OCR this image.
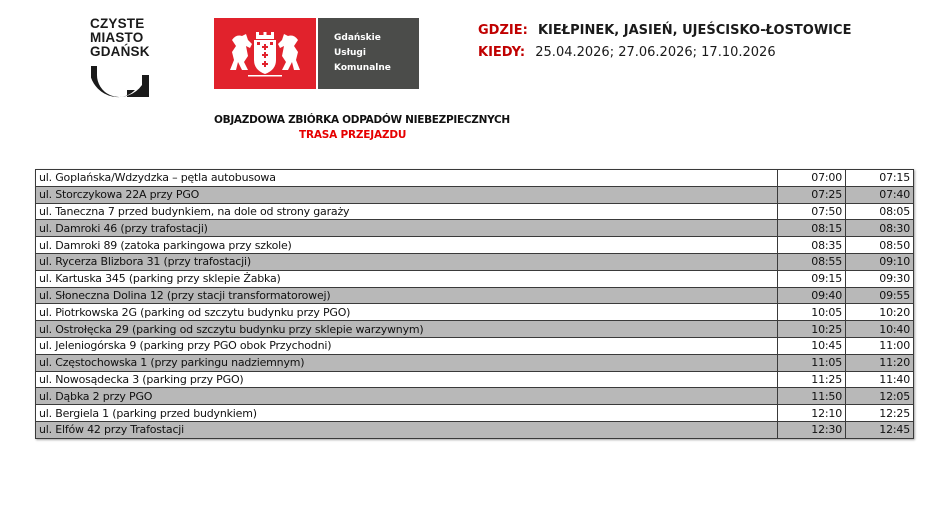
CZYSTE
MIASTO
GDAŃSK
Gdańskie
Usługi
Komunalne
GDZIE: KIEŁPINEK, JASIEŃ, UJEŚCISKO-ŁOSTOWICE
KIEDY: 25.04.2026; 27.06.2026; 17.10.2026
OBJAZDOWA ZBIÓRKA ODPADÓW NIEBEZPIECZNYCH
TRASA PRZEJAZDU
ul. Goplańska/Wdzydzka – pętla autobusowa	07:00	07:15
ul. Storczykowa 22A przy PGO	07:25	07:40
ul. Taneczna 7 przed budynkiem, na dole od strony garaży	07:50	08:05
ul. Damroki 46 (przy trafostacji)	08:15	08:30
ul. Damroki 89 (zatoka parkingowa przy szkole)	08:35	08:50
ul. Rycerza Blizbora 31 (przy trafostacji)	08:55	09:10
ul. Kartuska 345 (parking przy sklepie Żabka)	09:15	09:30
ul. Słoneczna Dolina 12 (przy stacji transformatorowej)	09:40	09:55
ul. Piotrkowska 2G (parking od szczytu budynku przy PGO)	10:05	10:20
ul. Ostrołęcka 29 (parking od szczytu budynku przy sklepie warzywnym)	10:25	10:40
ul. Jeleniogórska 9 (parking przy PGO obok Przychodni)	10:45	11:00
ul. Częstochowska 1 (przy parkingu nadziemnym)	11:05	11:20
ul. Nowosądecka 3 (parking przy PGO)	11:25	11:40
ul. Dąbka 2 przy PGO	11:50	12:05
ul. Bergiela 1 (parking przed budynkiem)	12:10	12:25
ul. Elfów 42 przy Trafostacji	12:30	12:45
